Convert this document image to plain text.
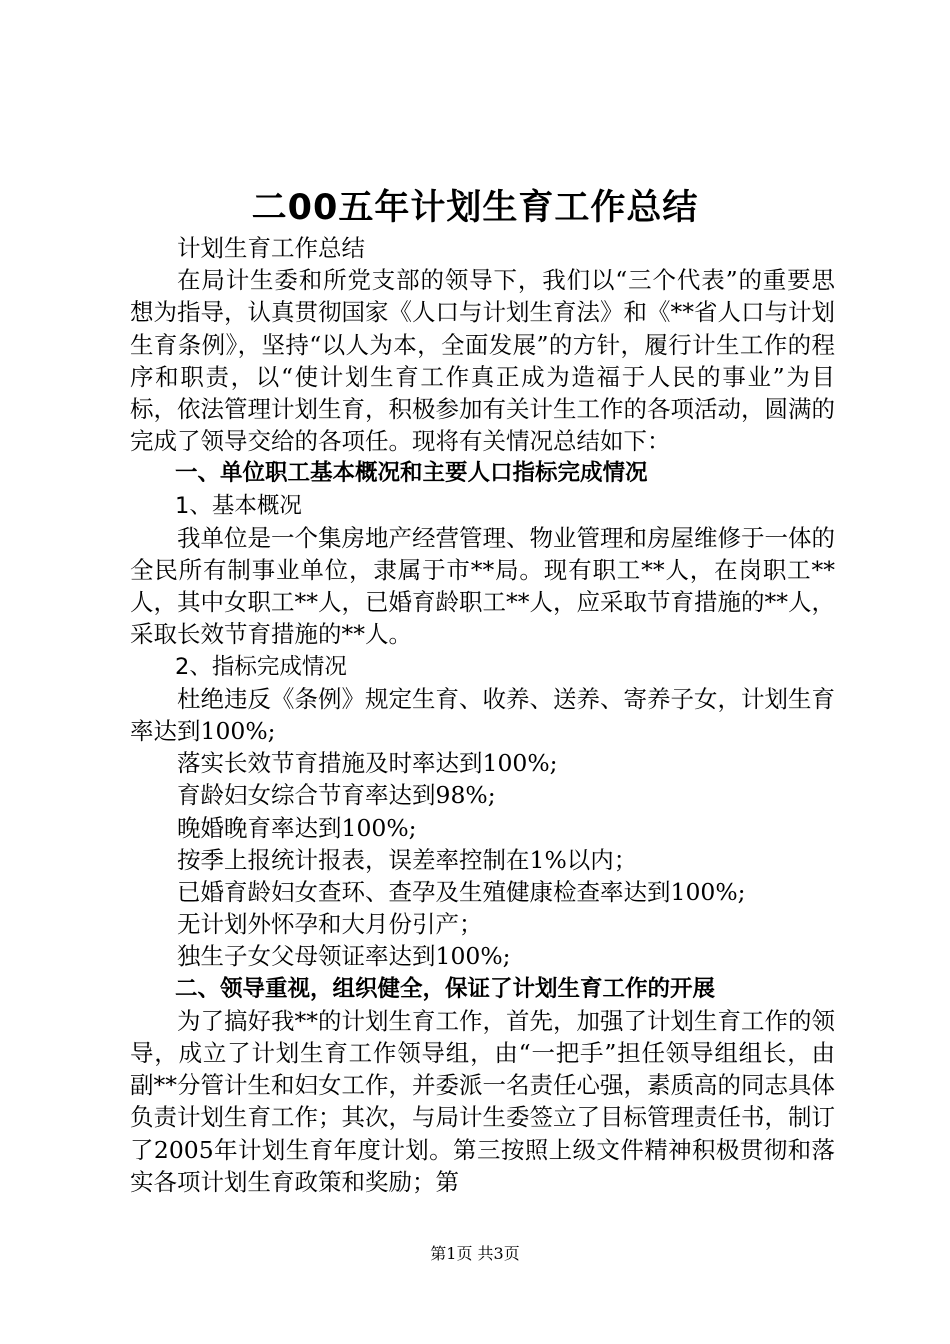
二00五年计划生育工作总结

计划生育工作总结

在局计生委和所党支部的领导下，我们以“三个代表”的重要思想为指导，认真贯彻国家《人口与计划生育法》和《**省人口与计划生育条例》，坚持“以人为本，全面发展”的方针，履行计生工作的程序和职责，以“使计划生育工作真正成为造福于人民的事业”为目标，依法管理计划生育，积极参加有关计生工作的各项活动，圆满的完成了领导交给的各项任。现将有关情况总结如下：

一、单位职工基本概况和主要人口指标完成情况

1、基本概况

我单位是一个集房地产经营管理、物业管理和房屋维修于一体的全民所有制事业单位，隶属于市**局。现有职工**人，在岗职工**人，其中女职工**人，已婚育龄职工**人，应采取节育措施的**人，采取长效节育措施的**人。

2、指标完成情况

杜绝违反《条例》规定生育、收养、送养、寄养子女，计划生育率达到100%;

落实长效节育措施及时率达到100%;

育龄妇女综合节育率达到98%;

晚婚晚育率达到100%;

按季上报统计报表，误差率控制在1%以内；

已婚育龄妇女查环、查孕及生殖健康检查率达到100%;

无计划外怀孕和大月份引产；

独生子女父母领证率达到100%;

二、领导重视，组织健全，保证了计划生育工作的开展

为了搞好我**的计划生育工作，首先，加强了计划生育工作的领导，成立了计划生育工作领导组，由“一把手”担任领导组组长，由副**分管计生和妇女工作，并委派一名责任心强，素质高的同志具体负责计划生育工作；其次，与局计生委签立了目标管理责任书，制订了2005年计划生育年度计划。第三按照上级文件精神积极贯彻和落实各项计划生育政策和奖励；第

第1页 共3页
